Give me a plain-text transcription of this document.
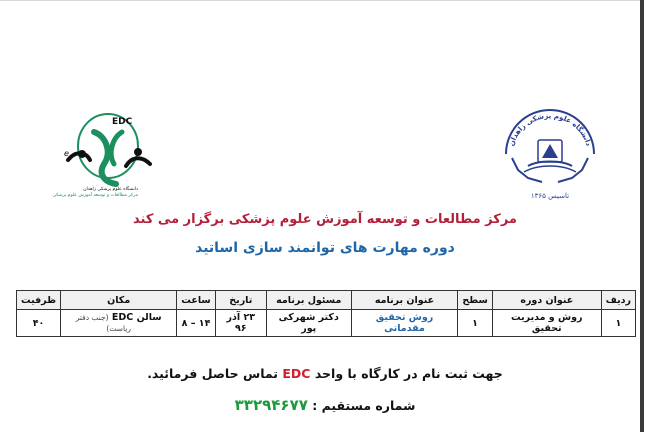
EDC
e
دانشگاه علوم پزشکی زاهدان
مرکز مطالعات و توسعه آموزش علوم پزشکی
دانشگاه علوم پزشکی زاهدان
تاسیس ۱۳۶۵
مرکز مطالعات و توسعه آموزش علوم پزشکی برگزار می کند
دوره مهارت های توانمند سازی اساتید
ردیف	عنوان دوره	سطح	عنوان برنامه	مسئول برنامه	تاریخ	ساعت	مکان	ظرفیت
۱	روش و مدیریت تحقیق	۱	روش تحقیق مقدماتی	دکتر شهرکی پور	۲۳ آذر ۹۶	۱۴ – ۸	سالن EDC (جنب دفتر ریاست)	۴۰
جهت ثبت نام در کارگاه با واحد EDC تماس حاصل فرمائید.
شماره مستقیم : ۳۳۲۹۴۶۷۷
